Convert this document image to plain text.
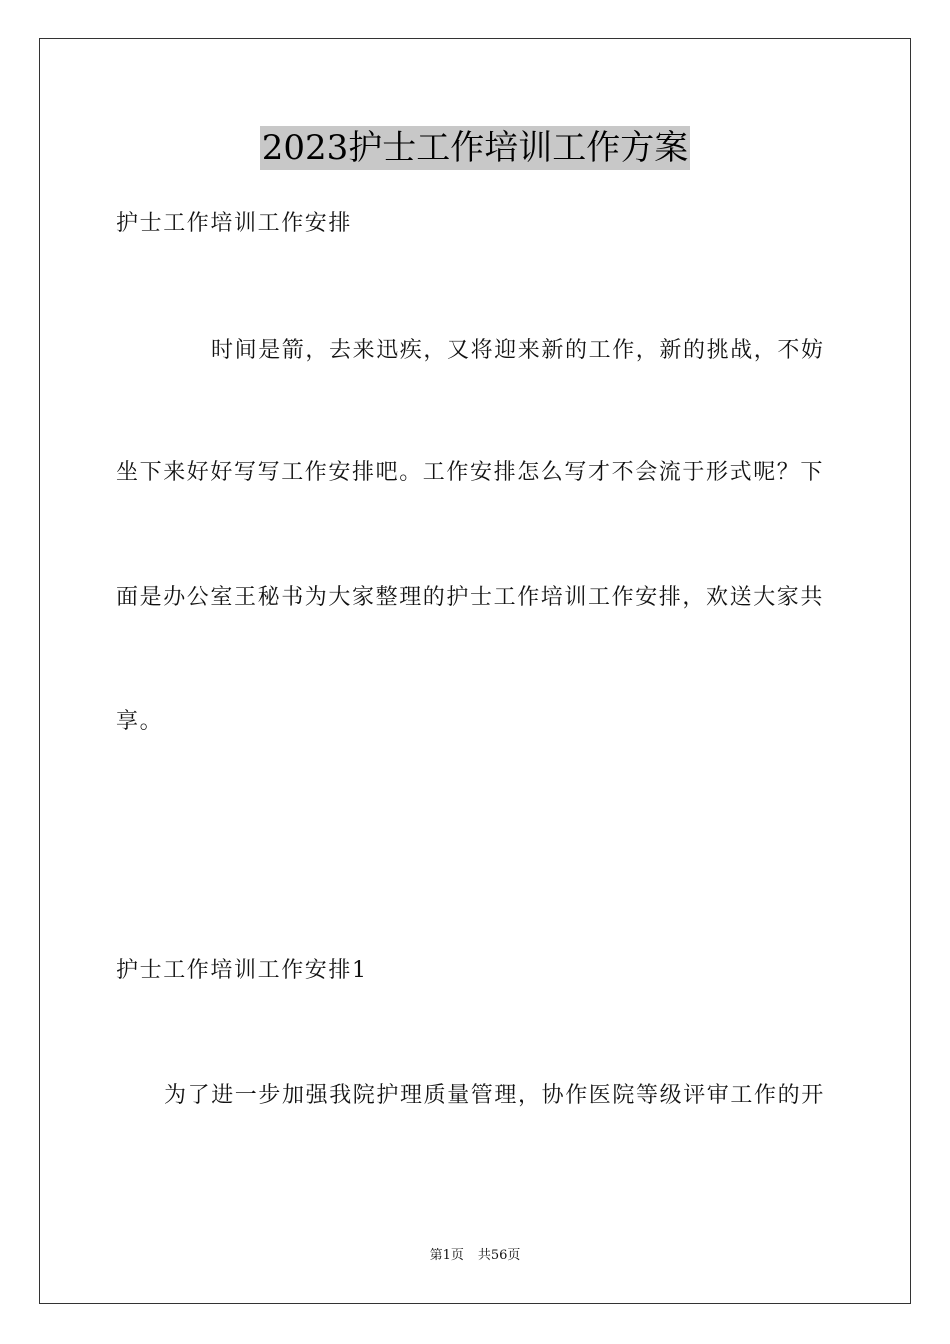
2023护士工作培训工作方案
护士工作培训工作安排
时间是箭，去来迅疾，又将迎来新的工作，新的挑战，不妨
坐下来好好写写工作安排吧。工作安排怎么写才不会流于形式呢？下
面是办公室王秘书为大家整理的护士工作培训工作安排，欢送大家共
享。
护士工作培训工作安排1
为了进一步加强我院护理质量管理，协作医院等级评审工作的开
第1页 共56页
